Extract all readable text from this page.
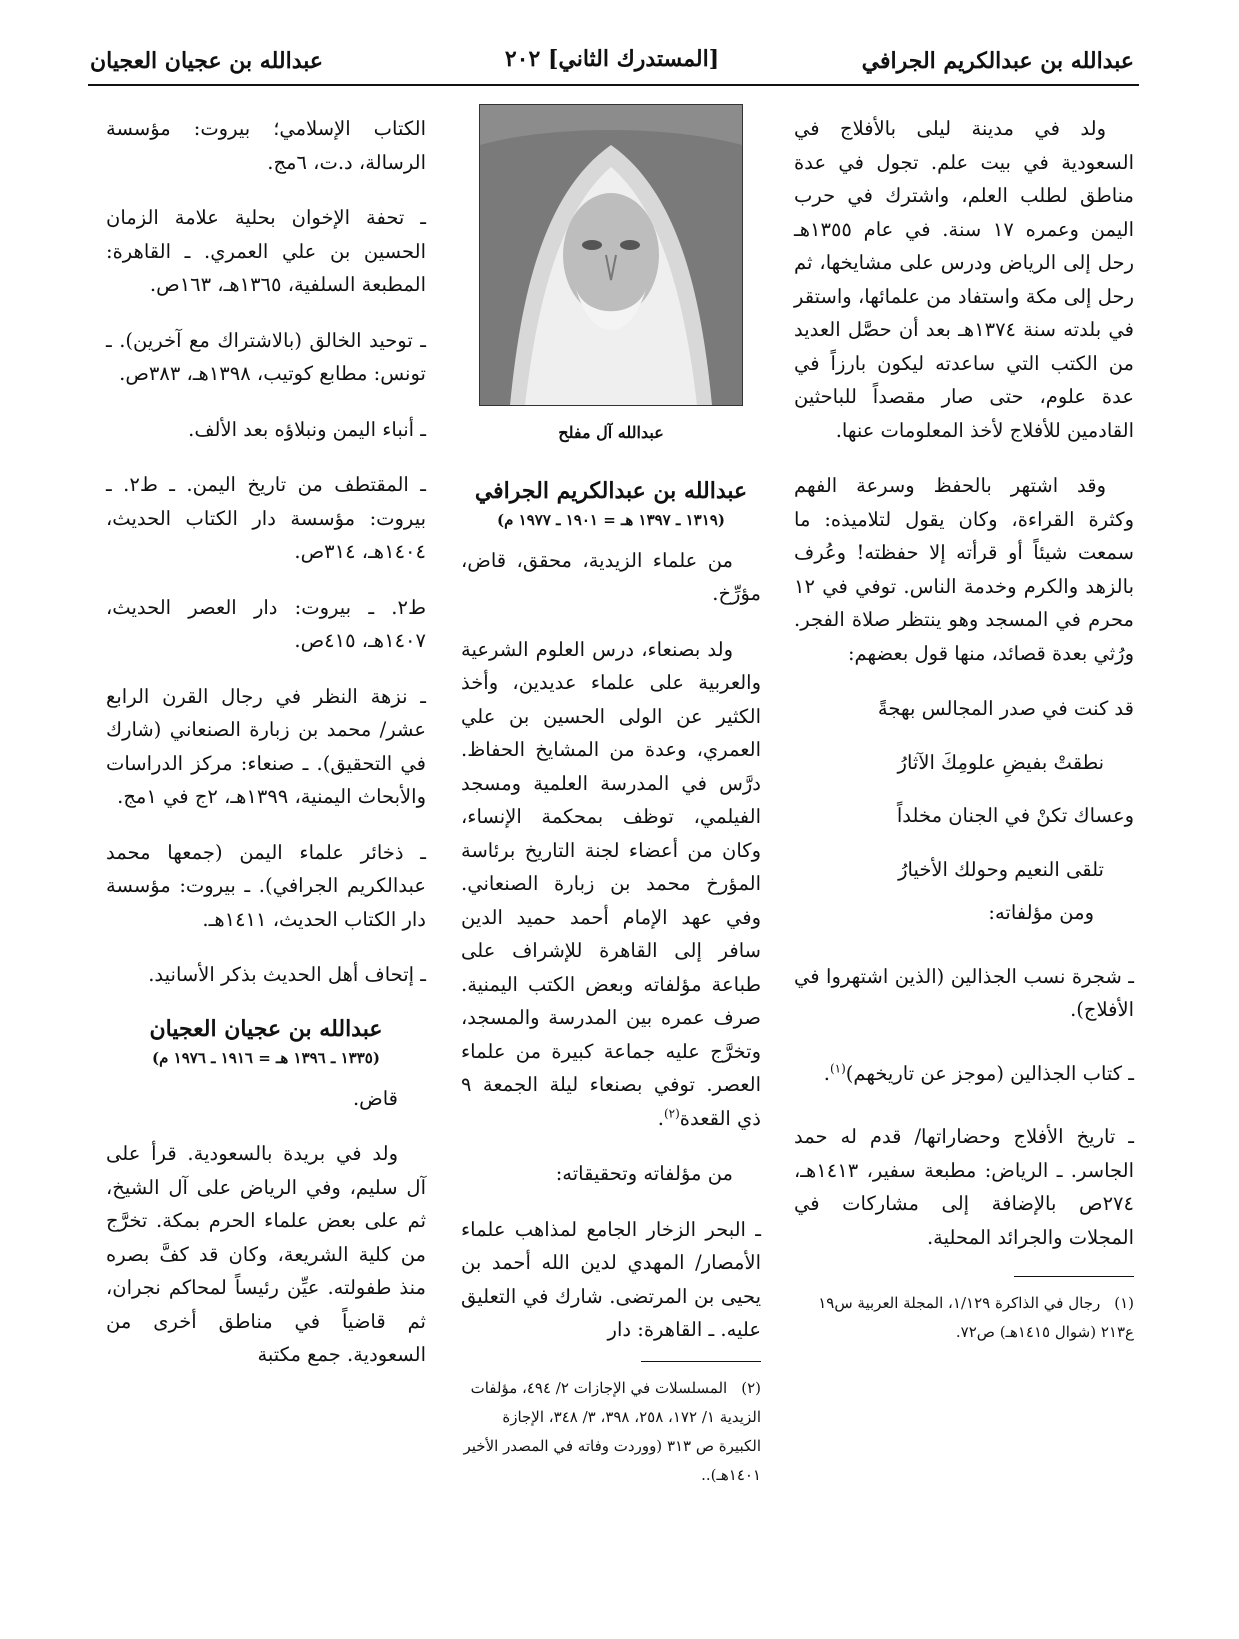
عبدالله بن عبدالكريم الجرافي
[المستدرك الثاني] ٢٠٢
عبدالله بن عجيان العجيان

ولد في مدينة ليلى بالأفلاج في السعودية في بيت علم. تجول في عدة مناطق لطلب العلم، واشترك في حرب اليمن وعمره ١٧ سنة. في عام ١٣٥٥هـ رحل إلى الرياض ودرس على مشايخها، ثم رحل إلى مكة واستفاد من علمائها، واستقر في بلدته سنة ١٣٧٤هـ بعد أن حصَّل العديد من الكتب التي ساعدته ليكون بارزاً في عدة علوم، حتى صار مقصداً للباحثين القادمين للأفلاج لأخذ المعلومات عنها.

وقد اشتهر بالحفظ وسرعة الفهم وكثرة القراءة، وكان يقول لتلاميذه: ما سمعت شيئاً أو قرأته إلا حفظته! وعُرف بالزهد والكرم وخدمة الناس. توفي في ١٢ محرم في المسجد وهو ينتظر صلاة الفجر. ورُثي بعدة قصائد، منها قول بعضهم:

قد كنت في صدر المجالس بهجةً
نطقتْ بفيضِ علومِكَ الآثارُ
وعساك تكنْ في الجنان مخلداً
تلقى النعيم وحولك الأخيارُ

ومن مؤلفاته:

ـ شجرة نسب الجذالين (الذين اشتهروا في الأفلاج).

ـ كتاب الجذالين (موجز عن تاريخهم)$^{(١)}$.

ـ تاريخ الأفلاج وحضاراتها/ قدم له حمد الجاسر. ـ الرياض: مطبعة سفير، ١٤١٣هـ، ٢٧٤ص بالإضافة إلى مشاركات في المجلات والجرائد المحلية.

(١)رجال في الذاكرة ١/١٢٩، المجلة العربية س١٩ ع٢١٣ (شوال ١٤١٥هـ) ص٧٢.

عبدالله آل مفلح
عبدالله بن عبدالكريم الجرافي
(١٣١٩ ـ ١٣٩٧ هـ = ١٩٠١ ـ ١٩٧٧ م)

من علماء الزيدية، محقق، قاض، مؤرِّخ.

ولد بصنعاء، درس العلوم الشرعية والعربية على علماء عديدين، وأخذ الكثير عن الولى الحسين بن علي العمري، وعدة من المشايخ الحفاظ. درَّس في المدرسة العلمية ومسجد الفيلمي، توظف بمحكمة الإنساء، وكان من أعضاء لجنة التاريخ برئاسة المؤرخ محمد بن زبارة الصنعاني. وفي عهد الإمام أحمد حميد الدين سافر إلى القاهرة للإشراف على طباعة مؤلفاته وبعض الكتب اليمنية. صرف عمره بين المدرسة والمسجد، وتخرَّج عليه جماعة كبيرة من علماء العصر. توفي بصنعاء ليلة الجمعة ٩ ذي القعدة$^{(٢)}$.

من مؤلفاته وتحقيقاته:

ـ البحر الزخار الجامع لمذاهب علماء الأمصار/ المهدي لدين الله أحمد بن يحيى بن المرتضى. شارك في التعليق عليه. ـ القاهرة: دار

(٢)المسلسلات في الإجازات ٢/ ٤٩٤، مؤلفات الزيدية ١/ ١٧٢، ٢٥٨، ٣٩٨، ٣/ ٣٤٨، الإجازة الكبيرة ص ٣١٣ (ووردت وفاته في المصدر الأخير ١٤٠١هـ)..

الكتاب الإسلامي؛ بيروت: مؤسسة الرسالة، د.ت، ٦مج.

ـ تحفة الإخوان بحلية علامة الزمان الحسين بن علي العمري. ـ القاهرة: المطبعة السلفية، ١٣٦٥هـ، ١٦٣ص.

ـ توحيد الخالق (بالاشتراك مع آخرين). ـ تونس: مطابع كوتيب، ١٣٩٨هـ، ٣٨٣ص.

ـ أنباء اليمن ونبلاؤه بعد الألف.

ـ المقتطف من تاريخ اليمن. ـ ط٢. ـ بيروت: مؤسسة دار الكتاب الحديث، ١٤٠٤هـ، ٣١٤ص.

ط٢. ـ بيروت: دار العصر الحديث، ١٤٠٧هـ، ٤١٥ص.

ـ نزهة النظر في رجال القرن الرابع عشر/ محمد بن زبارة الصنعاني (شارك في التحقيق). ـ صنعاء: مركز الدراسات والأبحاث اليمنية، ١٣٩٩هـ، ٢ج في ١مج.

ـ ذخائر علماء اليمن (جمعها محمد عبدالكريم الجرافي). ـ بيروت: مؤسسة دار الكتاب الحديث، ١٤١١هـ.

ـ إتحاف أهل الحديث بذكر الأسانيد.

عبدالله بن عجيان العجيان
(١٣٣٥ ـ ١٣٩٦ هـ = ١٩١٦ ـ ١٩٧٦ م)

قاض.

ولد في بريدة بالسعودية. قرأ على آل سليم، وفي الرياض على آل الشيخ، ثم على بعض علماء الحرم بمكة. تخرَّج من كلية الشريعة، وكان قد كفَّ بصره منذ طفولته. عيِّن رئيساً لمحاكم نجران، ثم قاضياً في مناطق أخرى من السعودية. جمع مكتبة
